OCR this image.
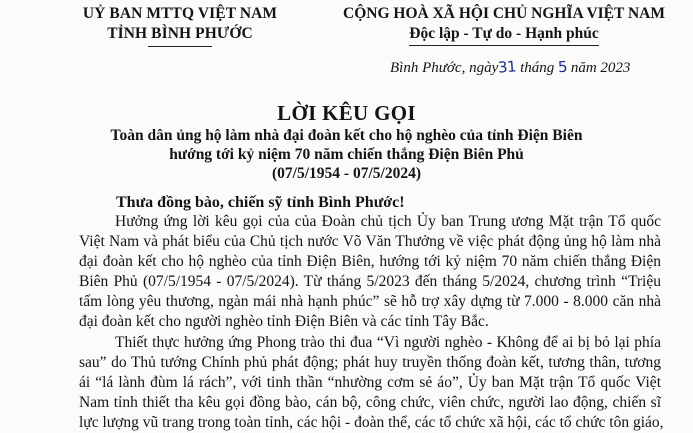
UỶ BAN MTTQ VIỆT NAM
TỈNH BÌNH PHƯỚC
CỘNG HOÀ XÃ HỘI CHỦ NGHĨA VIỆT NAM
Độc lập - Tự do - Hạnh phúc
Bình Phước, ngày31 tháng 5 năm 2023
LỜI KÊU GỌI
Toàn dân ủng hộ làm nhà đại đoàn kết cho hộ nghèo của tỉnh Điện Biên
hướng tới kỷ niệm 70 năm chiến thắng Điện Biên Phủ
(07/5/1954 - 07/5/2024)
Thưa đồng bào, chiến sỹ tỉnh Bình Phước!
Hưởng ứng lời kêu gọi của của Đoàn chủ tịch Ủy ban Trung ương Mặt trận Tổ quốc
Việt Nam và phát biểu của Chủ tịch nước Võ Văn Thưởng về việc phát động ủng hộ làm nhà
đại đoàn kết cho hộ nghèo của tỉnh Điện Biên, hướng tới kỷ niệm 70 năm chiến thắng Điện
Biên Phủ (07/5/1954 - 07/5/2024). Từ tháng 5/2023 đến tháng 5/2024, chương trình “Triệu
tấm lòng yêu thương, ngàn mái nhà hạnh phúc” sẽ hỗ trợ xây dựng từ 7.000 - 8.000 căn nhà
đại đoàn kết cho người nghèo tỉnh Điện Biên và các tỉnh Tây Bắc.
Thiết thực hưởng ứng Phong trào thi đua “Vì người nghèo - Không để ai bị bỏ lại phía
sau” do Thủ tướng Chính phủ phát động; phát huy truyền thống đoàn kết, tương thân, tương
ái “lá lành đùm lá rách”, với tinh thần “nhường cơm sẻ áo”, Ủy ban Mặt trận Tổ quốc Việt
Nam tỉnh thiết tha kêu gọi đồng bào, cán bộ, công chức, viên chức, người lao động, chiến sĩ
lực lượng vũ trang trong toàn tỉnh, các hội - đoàn thể, các tổ chức xã hội, các tổ chức tôn giáo,
